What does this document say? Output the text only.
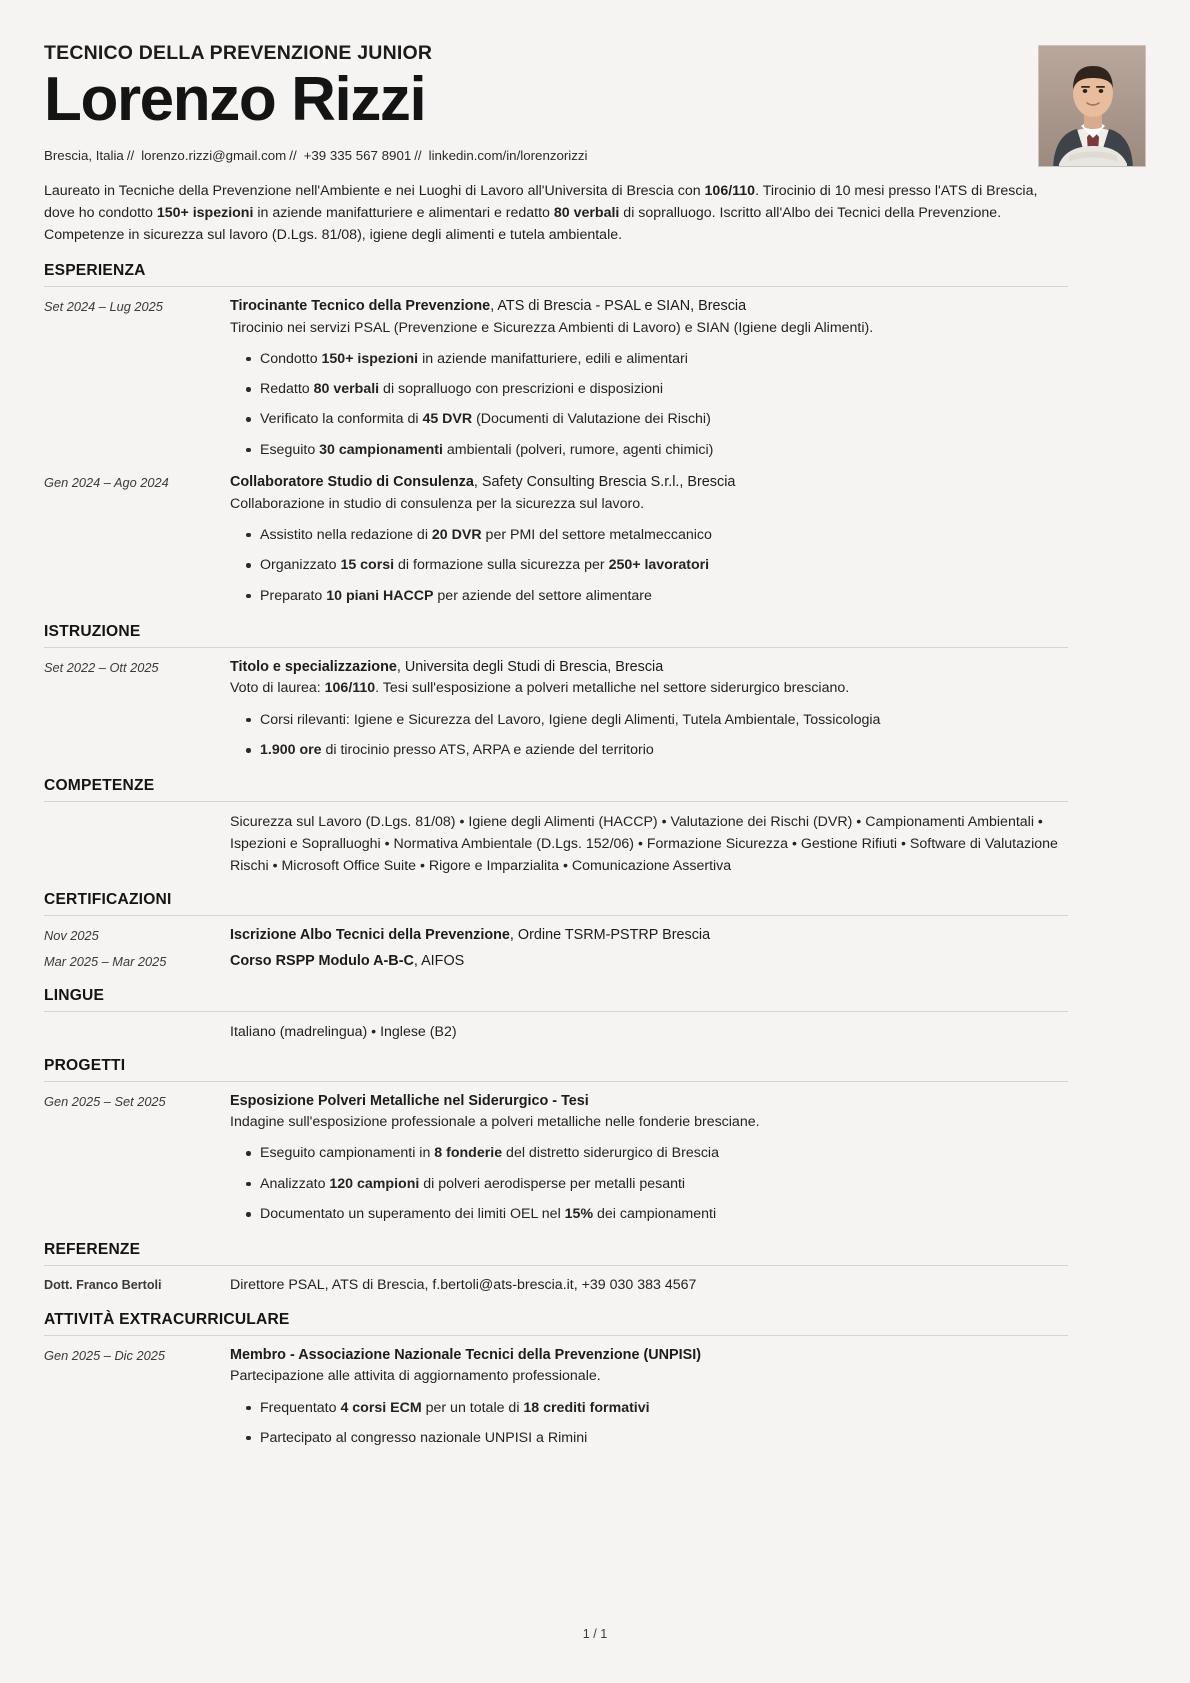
TECNICO DELLA PREVENZIONE JUNIOR
Lorenzo Rizzi
Brescia, Italia // lorenzo.rizzi@gmail.com // +39 335 567 8901 // linkedin.com/in/lorenzorizzi
Laureato in Tecniche della Prevenzione nell'Ambiente e nei Luoghi di Lavoro all'Universita di Brescia con 106/110. Tirocinio di 10 mesi presso l'ATS di Brescia, dove ho condotto 150+ ispezioni in aziende manifatturiere e alimentari e redatto 80 verbali di sopralluogo. Iscritto all'Albo dei Tecnici della Prevenzione. Competenze in sicurezza sul lavoro (D.Lgs. 81/08), igiene degli alimenti e tutela ambientale.
ESPERIENZA
Set 2024 – Lug 2025	Tirocinante Tecnico della Prevenzione, ATS di Brescia - PSAL e SIAN, Brescia
Tirocinio nei servizi PSAL (Prevenzione e Sicurezza Ambienti di Lavoro) e SIAN (Igiene degli Alimenti).
Condotto 150+ ispezioni in aziende manifatturiere, edili e alimentari
Redatto 80 verbali di sopralluogo con prescrizioni e disposizioni
Verificato la conformita di 45 DVR (Documenti di Valutazione dei Rischi)
Eseguito 30 campionamenti ambientali (polveri, rumore, agenti chimici)
Gen 2024 – Ago 2024	Collaboratore Studio di Consulenza, Safety Consulting Brescia S.r.l., Brescia
Collaborazione in studio di consulenza per la sicurezza sul lavoro.
Assistito nella redazione di 20 DVR per PMI del settore metalmeccanico
Organizzato 15 corsi di formazione sulla sicurezza per 250+ lavoratori
Preparato 10 piani HACCP per aziende del settore alimentare
ISTRUZIONE
Set 2022 – Ott 2025	Titolo e specializzazione, Universita degli Studi di Brescia, Brescia
Voto di laurea: 106/110. Tesi sull'esposizione a polveri metalliche nel settore siderurgico bresciano.
Corsi rilevanti: Igiene e Sicurezza del Lavoro, Igiene degli Alimenti, Tutela Ambientale, Tossicologia
1.900 ore di tirocinio presso ATS, ARPA e aziende del territorio
COMPETENZE
Sicurezza sul Lavoro (D.Lgs. 81/08) • Igiene degli Alimenti (HACCP) • Valutazione dei Rischi (DVR) • Campionamenti Ambientali • Ispezioni e Sopralluoghi • Normativa Ambientale (D.Lgs. 152/06) • Formazione Sicurezza • Gestione Rifiuti • Software di Valutazione Rischi • Microsoft Office Suite • Rigore e Imparzialita • Comunicazione Assertiva
CERTIFICAZIONI
Nov 2025	Iscrizione Albo Tecnici della Prevenzione, Ordine TSRM-PSTRP Brescia
Mar 2025 – Mar 2025	Corso RSPP Modulo A-B-C, AIFOS
LINGUE
Italiano (madrelingua) • Inglese (B2)
PROGETTI
Gen 2025 – Set 2025	Esposizione Polveri Metalliche nel Siderurgico - Tesi
Indagine sull'esposizione professionale a polveri metalliche nelle fonderie bresciane.
Eseguito campionamenti in 8 fonderie del distretto siderurgico di Brescia
Analizzato 120 campioni di polveri aerodisperse per metalli pesanti
Documentato un superamento dei limiti OEL nel 15% dei campionamenti
REFERENZE
Dott. Franco Bertoli	Direttore PSAL, ATS di Brescia, f.bertoli@ats-brescia.it, +39 030 383 4567
ATTIVITÀ EXTRACURRICULARE
Gen 2025 – Dic 2025	Membro - Associazione Nazionale Tecnici della Prevenzione (UNPISI)
Partecipazione alle attivita di aggiornamento professionale.
Frequentato 4 corsi ECM per un totale di 18 crediti formativi
Partecipato al congresso nazionale UNPISI a Rimini
1 / 1
